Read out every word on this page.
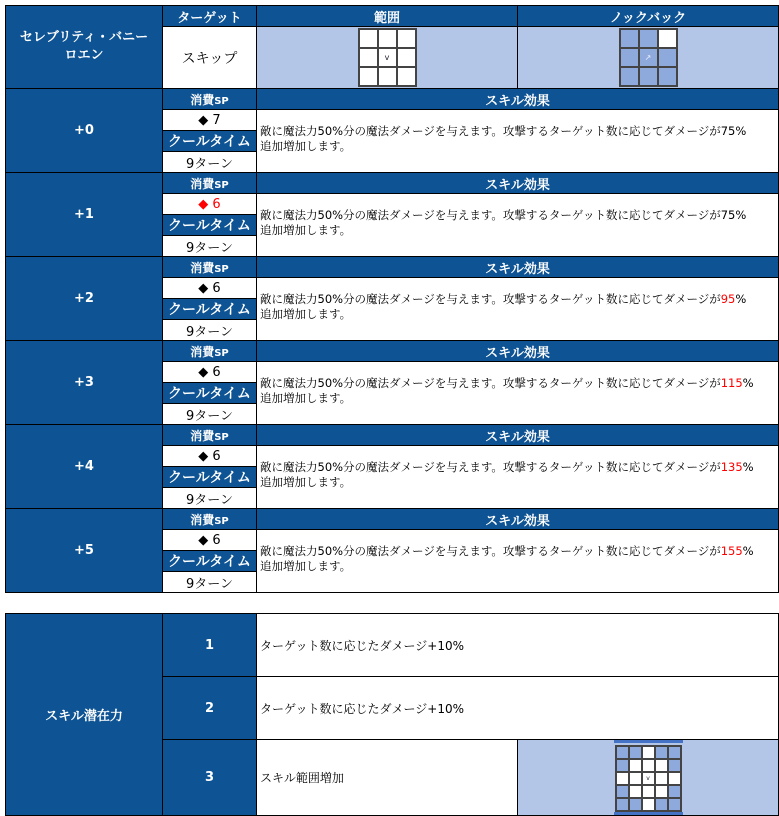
セレブリティ・バニーロエン	ターゲット	範囲	ノックバック
	スキップ	v	↗

+0	消費SP	スキル効果	
	◆ 7	敵に魔法力50%分の魔法ダメージを与えます。攻撃するターゲット数に応じてダメージが75%
追加増加します。	
	クールタイム		
	9ターン		
+1	消費SP	スキル効果	
	◆ 6	敵に魔法力50%分の魔法ダメージを与えます。攻撃するターゲット数に応じてダメージが75%
追加増加します。	
	クールタイム		
	9ターン		
+2	消費SP	スキル効果	
	◆ 6	敵に魔法力50%分の魔法ダメージを与えます。攻撃するターゲット数に応じてダメージが95%
追加増加します。	
	クールタイム		
	9ターン		
+3	消費SP	スキル効果	
	◆ 6	敵に魔法力50%分の魔法ダメージを与えます。攻撃するターゲット数に応じてダメージが115%
追加増加します。	
	クールタイム		
	9ターン		
+4	消費SP	スキル効果	
	◆ 6	敵に魔法力50%分の魔法ダメージを与えます。攻撃するターゲット数に応じてダメージが135%
追加増加します。	
	クールタイム		
	9ターン		
+5	消費SP	スキル効果	
	◆ 6	敵に魔法力50%分の魔法ダメージを与えます。攻撃するターゲット数に応じてダメージが155%
追加増加します。	
	クールタイム		
	9ターン		
スキル潜在力	1	ターゲット数に応じたダメージ+10%	
	2	ターゲット数に応じたダメージ+10%	
	3	スキル範囲増加	v
